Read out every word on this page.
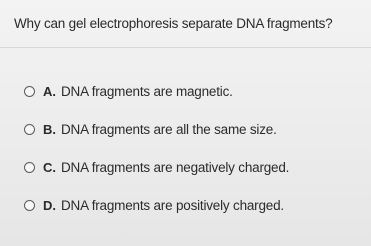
Why can gel electrophoresis separate DNA fragments?
A. DNA fragments are magnetic.
B. DNA fragments are all the same size.
C. DNA fragments are negatively charged.
D. DNA fragments are positively charged.
